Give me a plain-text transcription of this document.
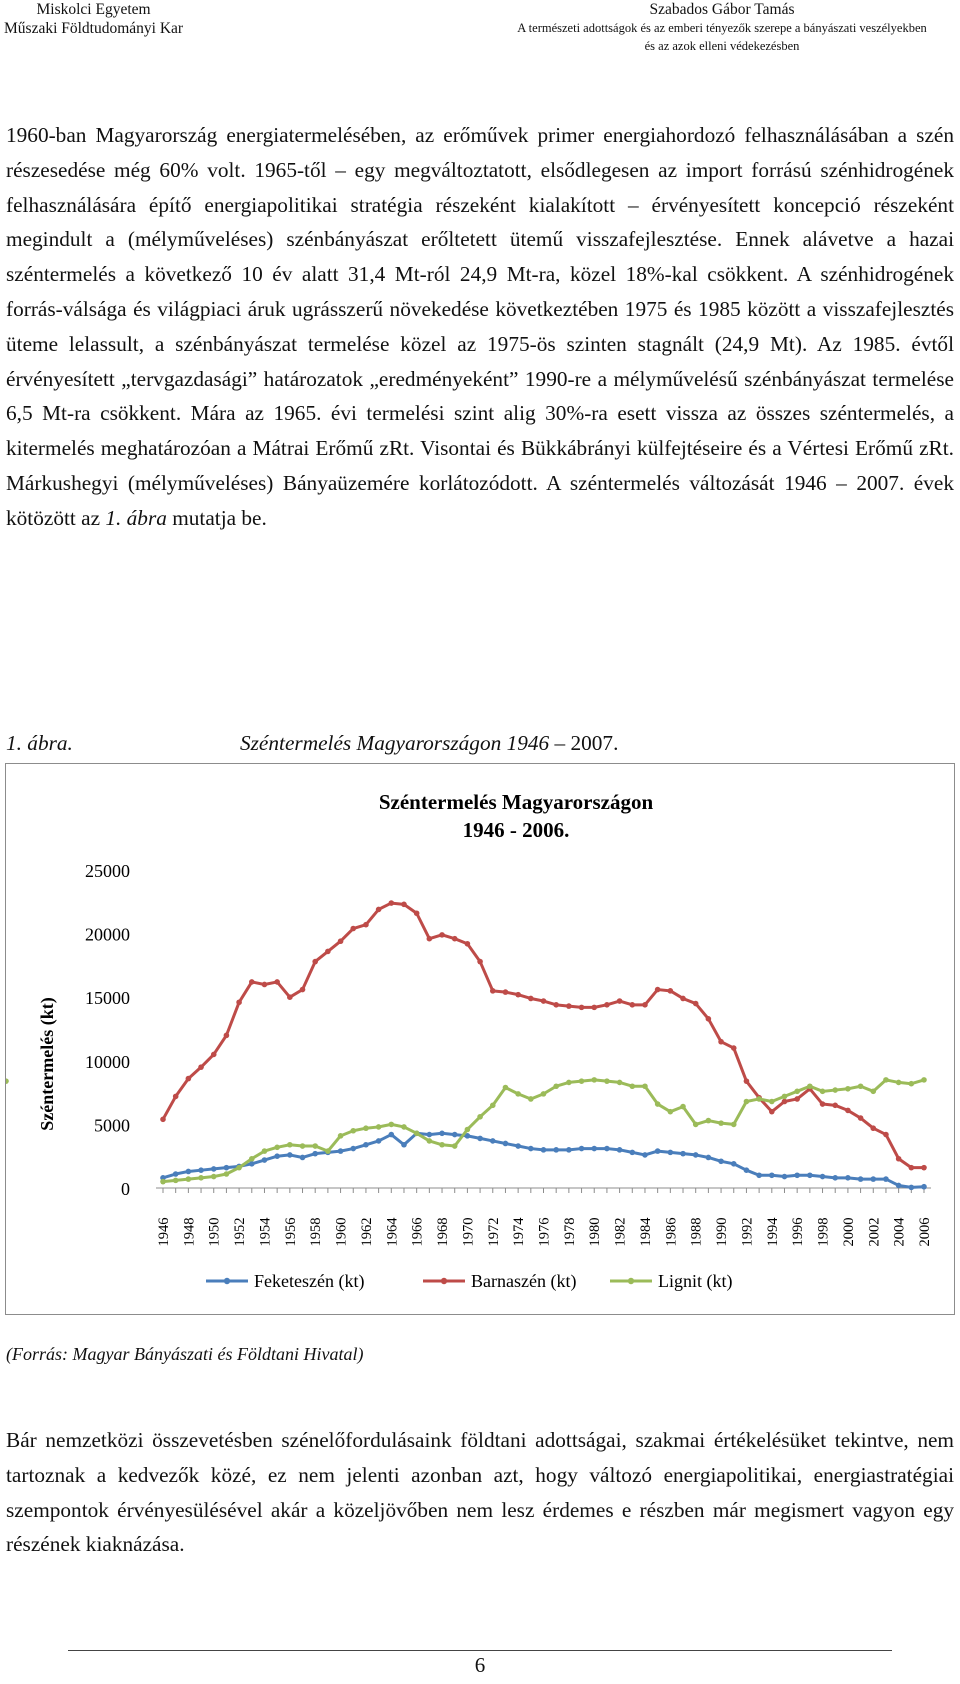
Miskolci Egyetem
Műszaki Földtudományi Kar
Szabados Gábor Tamás
A természeti adottságok és az emberi tényezők szerepe a bányászati veszélyekben
és az azok elleni védekezésben

1960-ban Magyarország energiatermelésében, az erőművek primer energiahordozó felhasználásában a szén részesedése még 60% volt. 1965-től – egy megváltoztatott, elsődlegesen az import forrású szénhidrogének felhasználására építő energiapolitikai stratégia részeként kialakított – érvényesített koncepció részeként megindult a (mélyműveléses) szénbányászat erőltetett ütemű visszafejlesztése. Ennek alávetve a hazai széntermelés a következő 10 év alatt 31,4 Mt-ról 24,9 Mt-ra, közel 18%-kal csökkent. A szénhidrogének forrás-válsága és világpiaci áruk ugrásszerű növekedése következtében 1975 és 1985 között a visszafejlesztés üteme lelassult, a szénbányászat termelése közel az 1975-ös szinten stagnált (24,9 Mt). Az 1985. évtől érvényesített „tervgazdasági” határozatok „eredményeként” 1990-re a mélyművelésű szénbányászat termelése 6,5 Mt-ra csökkent. Mára az 1965. évi termelési szint alig 30%-ra esett vissza az összes széntermelés, a kitermelés meghatározóan a Mátrai Erőmű zRt. Visontai és Bükkábrányi külfejtéseire és a Vértesi Erőmű zRt. Márkushegyi (mélyműveléses) Bányaüzemére korlátozódott. A széntermelés változását 1946 – 2007. évek kötözött az 1. ábra mutatja be.

1. ábra.	Széntermelés Magyarországon 1946 – 2007.
Széntermelés Magyarországon
1946 - 2006.
Széntermelés (kt)
0
5000
10000
15000
20000
25000
1946 1948 1950 1952 1954 1956 1958 1960 1962 1964 1966 1968 1970 1972 1974 1976 1978 1980 1982 1984 1986 1988 1990 1992 1994 1996 1998 2000 2002 2004 2006
Feketeszén (kt)	Barnaszén (kt)	Lignit (kt)
(Forrás: Magyar Bányászati és Földtani Hivatal)

Bár nemzetközi összevetésben szénelőfordulásaink földtani adottságai, szakmai értékelésüket tekintve, nem tartoznak a kedvezők közé, ez nem jelenti azonban azt, hogy változó energiapolitikai, energiastratégiai szempontok érvényesülésével akár a közeljövőben nem lesz érdemes e részben már megismert vagyon egy részének kiaknázása.

6
